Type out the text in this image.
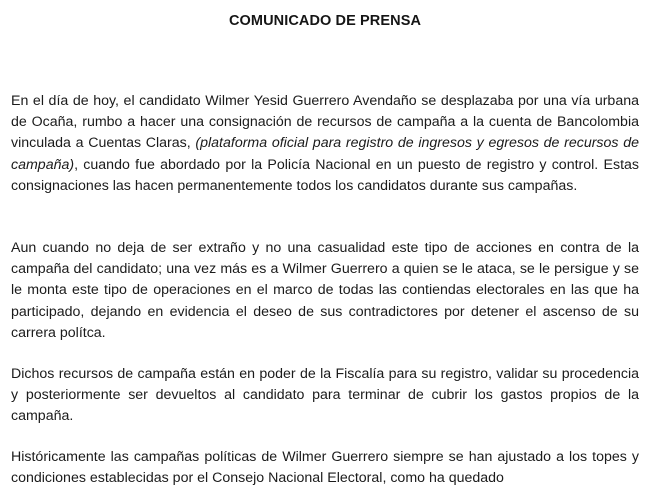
COMUNICADO DE PRENSA

En el día de hoy, el candidato Wilmer Yesid Guerrero Avendaño se desplazaba por una vía urbana de Ocaña, rumbo a hacer una consignación de recursos de campaña a la cuenta de Bancolombia vinculada a Cuentas Claras, (plataforma oficial para registro de ingresos y egresos de recursos de campaña), cuando fue abordado por la Policía Nacional en un puesto de registro y control. Estas consignaciones las hacen permanentemente todos los candidatos durante sus campañas.

Aun cuando no deja de ser extraño y no una casualidad este tipo de acciones en contra de la campaña del candidato; una vez más es a Wilmer Guerrero a quien se le ataca, se le persigue y se le monta este tipo de operaciones en el marco de todas las contiendas electorales en las que ha participado, dejando en evidencia el deseo de sus contradictores por detener el ascenso de su carrera polítca.

Dichos recursos de campaña están en poder de la Fiscalía para su registro, validar su procedencia y posteriormente ser devueltos al candidato para terminar de cubrir los gastos propios de la campaña.

Históricamente las campañas políticas de Wilmer Guerrero siempre se han ajustado a los topes y condiciones establecidas por el Consejo Nacional Electoral, como ha quedado
